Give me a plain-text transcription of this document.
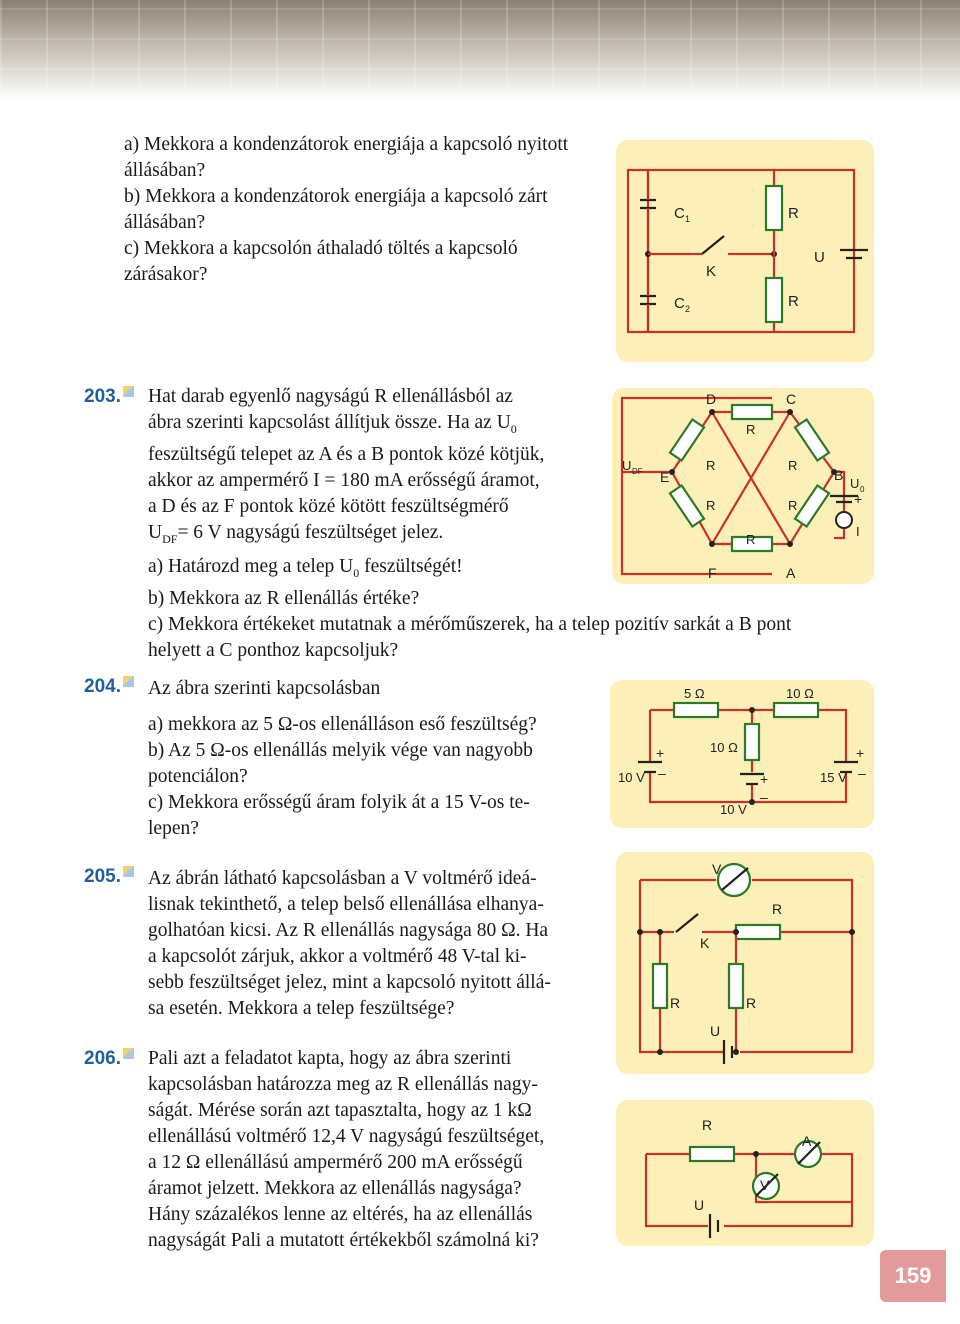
a) Mekkora a kondenzátorok energiája a kapcsoló nyitott állásában?

b) Mekkora a kondenzátorok energiája a kapcsoló zárt állásában?

c) Mekkora a kapcsolón áthaladó töltés a kapcsoló zárásakor?

C 1
C 2
K
R
R
U
203.	Hat darab egyenlő nagyságú R ellenállásból az

ábra szerinti kapcsolást állítjuk össze. Ha az $U_0$

feszültségű telepet az A és a B pontok közé kötjük,

akkor az ampermérő I = 180 mA erősségű áramot,

a D és az F pontok közé kötött feszültségmérő

$U_{DF}= 6$ V nagyságú feszültséget jelez.

a) Határozd meg a telep $U_0$ feszültségét!

b) Mekkora az R ellenállás értéke?

c) Mekkora értékeket mutatnak a mérőműszerek, ha a telep pozitív sarkát a B pont

helyett a C ponthoz kapcsoljuk?

D	C
E	B
F	A
R
R	R
R	R
R
U DF
U 0
+
I
204.	Az ábra szerinti kapcsolásban

a) mekkora az 5 Ω-os ellenálláson eső feszültség?

b) Az 5 Ω-os ellenállás melyik vége van nagyobb

potenciálon?

c) Mekkora erősségű áram folyik át a 15 V-os te-

lepen?

5 Ω	10 Ω
10 Ω
10 V
10 V
15 V
+
–	+
–
+
–
205.	Az ábrán látható kapcsolásban a V voltmérő ideá-

lisnak tekinthető, a telep belső ellenállása elhanya-

golhatóan kicsi. Az R ellenállás nagysága 80 Ω. Ha

a kapcsolót zárjuk, akkor a voltmérő 48 V-tal ki-

sebb feszültséget jelez, mint a kapcsoló nyitott állá-

sa esetén. Mekkora a telep feszültsége?

V
R
K
R	R
U
206.	Pali azt a feladatot kapta, hogy az ábra szerinti

kapcsolásban határozza meg az R ellenállás nagy-

ságát. Mérése során azt tapasztalta, hogy az 1 kΩ

ellenállású voltmérő 12,4 V nagyságú feszültséget,

a 12 Ω ellenállású ampermérő 200 mA erősségű

áramot jelzett. Mekkora az ellenállás nagysága?

Hány százalékos lenne az eltérés, ha az ellenállás

nagyságát Pali a mutatott értékekből számolná ki?

R
A
V
U
159
